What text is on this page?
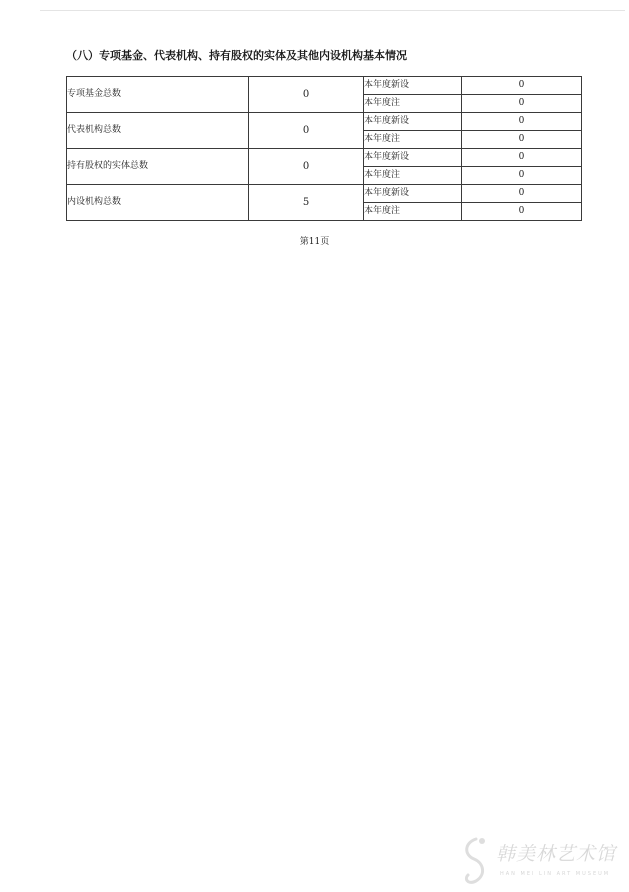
（八）专项基金、代表机构、持有股权的实体及其他内设机构基本情况
专项基金总数	0	本年度新设	0
		本年度注	0
代表机构总数	0	本年度新设	0
		本年度注	0
持有股权的实体总数	0	本年度新设	0
		本年度注	0
内设机构总数	5	本年度新设	0
		本年度注	0
第11页
韩美林艺术馆
HAN MEI LIN ART MUSEUM
